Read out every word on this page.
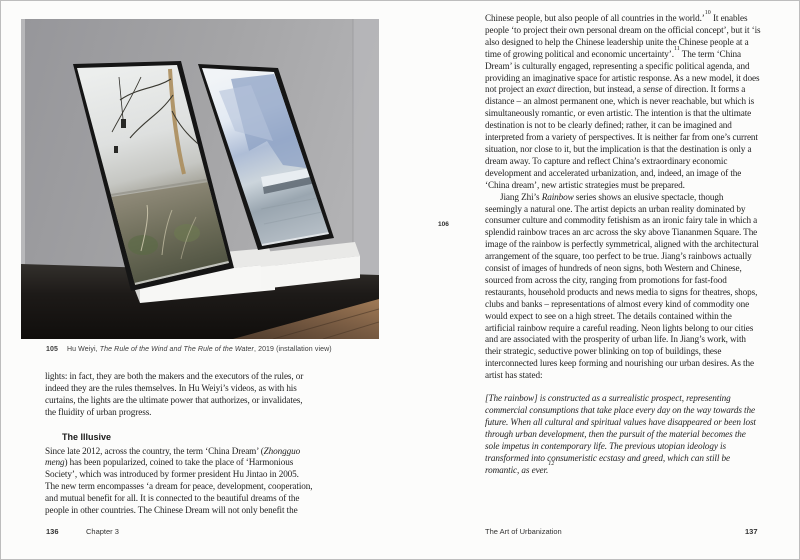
105 Hu Weiyi, The Rule of the Wind and The Rule of the Water, 2019 (installation view)

lights: in fact, they are both the makers and the executors of the rules, or indeed they are the rules themselves. In Hu Weiyi’s videos, as with his curtains, the lights are the ultimate power that authorizes, or invalidates, the fluidity of urban progress.

The Illusive

Since late 2012, across the country, the term ‘China Dream’ (Zhongguo meng) has been popularized, coined to take the place of ‘Harmonious Society’, which was introduced by former president Hu Jintao in 2005. The new term encompasses ‘a dream for peace, development, cooperation, and mutual benefit for all. It is connected to the beautiful dreams of the people in other countries. The Chinese Dream will not only benefit the

136	Chapter 3
106

Chinese people, but also people of all countries in the world.’$^{10}$ It enables people ‘to project their own personal dream on the official concept’, but it ‘is also designed to help the Chinese leadership unite the Chinese people at a time of growing political and economic uncertainty’.$^{11}$ The term ‘China Dream’ is culturally engaged, representing a specific political agenda, and providing an imaginative space for artistic response. As a new model, it does not project an exact direction, but instead, a sense of direction. It forms a distance – an almost permanent one, which is never reachable, but which is simultaneously romantic, or even artistic. The intention is that the ultimate destination is not to be clearly defined; rather, it can be imagined and interpreted from a variety of perspectives. It is neither far from one’s current situation, nor close to it, but the implication is that the destination is only a dream away. To capture and reflect China’s extraordinary economic development and accelerated urbanization, and, indeed, an image of the ‘China dream’, new artistic strategies must be prepared.

Jiang Zhi’s Rainbow series shows an elusive spectacle, though seemingly a natural one. The artist depicts an urban reality dominated by consumer culture and commodity fetishism as an ironic fairy tale in which a splendid rainbow traces an arc across the sky above Tiananmen Square. The image of the rainbow is perfectly symmetrical, aligned with the architectural arrangement of the square, too perfect to be true. Jiang’s rainbows actually consist of images of hundreds of neon signs, both Western and Chinese, sourced from across the city, ranging from promotions for fast-food restaurants, household products and news media to signs for theatres, shops, clubs and banks – representations of almost every kind of commodity one would expect to see on a high street. The details contained within the artificial rainbow require a careful reading. Neon lights belong to our cities and are associated with the prosperity of urban life. In Jiang’s work, with their strategic, seductive power blinking on top of buildings, these interconnected lures keep forming and nourishing our urban desires. As the artist has stated:

[The rainbow] is constructed as a surrealistic prospect, representing commercial consumptions that take place every day on the way towards the future. When all cultural and spiritual values have disappeared or been lost through urban development, then the pursuit of the material becomes the sole impetus in contemporary life. The previous utopian ideology is transformed into consumeristic ecstasy and greed, which can still be romantic, as ever.$^{12}$
The Art of Urbanization	137
